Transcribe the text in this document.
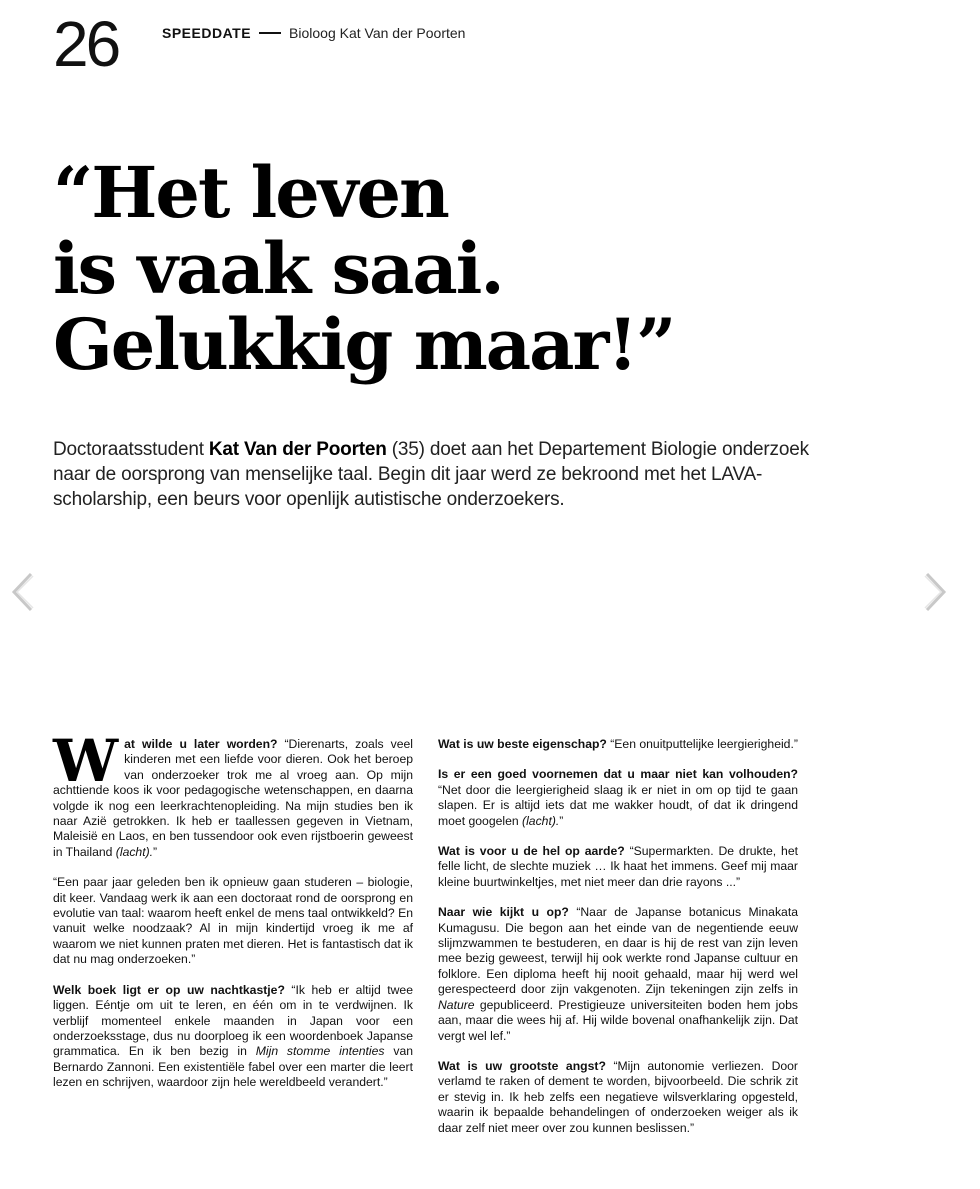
26	SPEEDDATE	Bioloog Kat Van der Poorten
“Het leven
is vaak saai.
Gelukkig maar!”

Doctoraatsstudent Kat Van der Poorten (35) doet aan het Departement Biologie onderzoek naar de oorsprong van menselijke taal. Begin dit jaar werd ze bekroond met het LAVA-scholarship, een beurs voor openlijk autistische onderzoekers.

Wat wilde u later worden? “Dierenarts, zoals veel kinderen met een liefde voor dieren. Ook het beroep van onderzoeker trok me al vroeg aan. Op mijn achttiende koos ik voor pedagogische wetenschappen, en daarna volgde ik nog een leerkrachtenopleiding. Na mijn studies ben ik naar Azië getrokken. Ik heb er taallessen gegeven in Vietnam, Maleisië en Laos, en ben tussendoor ook even rijstboerin geweest in Thailand (lacht).”

“Een paar jaar geleden ben ik opnieuw gaan studeren – biologie, dit keer. Vandaag werk ik aan een doctoraat rond de oorsprong en evolutie van taal: waarom heeft enkel de mens taal ontwikkeld? En vanuit welke noodzaak? Al in mijn kindertijd vroeg ik me af waarom we niet kunnen praten met dieren. Het is fantastisch dat ik dat nu mag onderzoeken.”

Welk boek ligt er op uw nachtkastje? “Ik heb er altijd twee liggen. Eéntje om uit te leren, en één om in te verdwijnen. Ik verblijf momenteel enkele maanden in Japan voor een onderzoeksstage, dus nu doorploeg ik een woordenboek Japanse grammatica. En ik ben bezig in Mijn stomme intenties van Bernardo Zannoni. Een existentiële fabel over een marter die leert lezen en schrijven, waardoor zijn hele wereldbeeld verandert.”

Wat is uw beste eigenschap? “Een onuitputtelijke leergierigheid.”

Is er een goed voornemen dat u maar niet kan volhouden? “Net door die leergierigheid slaag ik er niet in om op tijd te gaan slapen. Er is altijd iets dat me wakker houdt, of dat ik dringend moet googelen (lacht).”

Wat is voor u de hel op aarde? “Supermarkten. De drukte, het felle licht, de slechte muziek … Ik haat het immens. Geef mij maar kleine buurtwinkeltjes, met niet meer dan drie rayons ...”

Naar wie kijkt u op? “Naar de Japanse botanicus Minakata Kumagusu. Die begon aan het einde van de negentiende eeuw slijmzwammen te bestuderen, en daar is hij de rest van zijn leven mee bezig geweest, terwijl hij ook werkte rond Japanse cultuur en folklore. Een diploma heeft hij nooit gehaald, maar hij werd wel gerespecteerd door zijn vakgenoten. Zijn tekeningen zijn zelfs in Nature gepubliceerd. Prestigieuze universiteiten boden hem jobs aan, maar die wees hij af. Hij wilde bovenal onafhankelijk zijn. Dat vergt wel lef.”

Wat is uw grootste angst? “Mijn autonomie verliezen. Door verlamd te raken of dement te worden, bijvoorbeeld. Die schrik zit er stevig in. Ik heb zelfs een negatieve wilsverklaring opgesteld, waarin ik bepaalde behandelingen of onderzoeken weiger als ik daar zelf niet meer over zou kunnen beslissen.”
